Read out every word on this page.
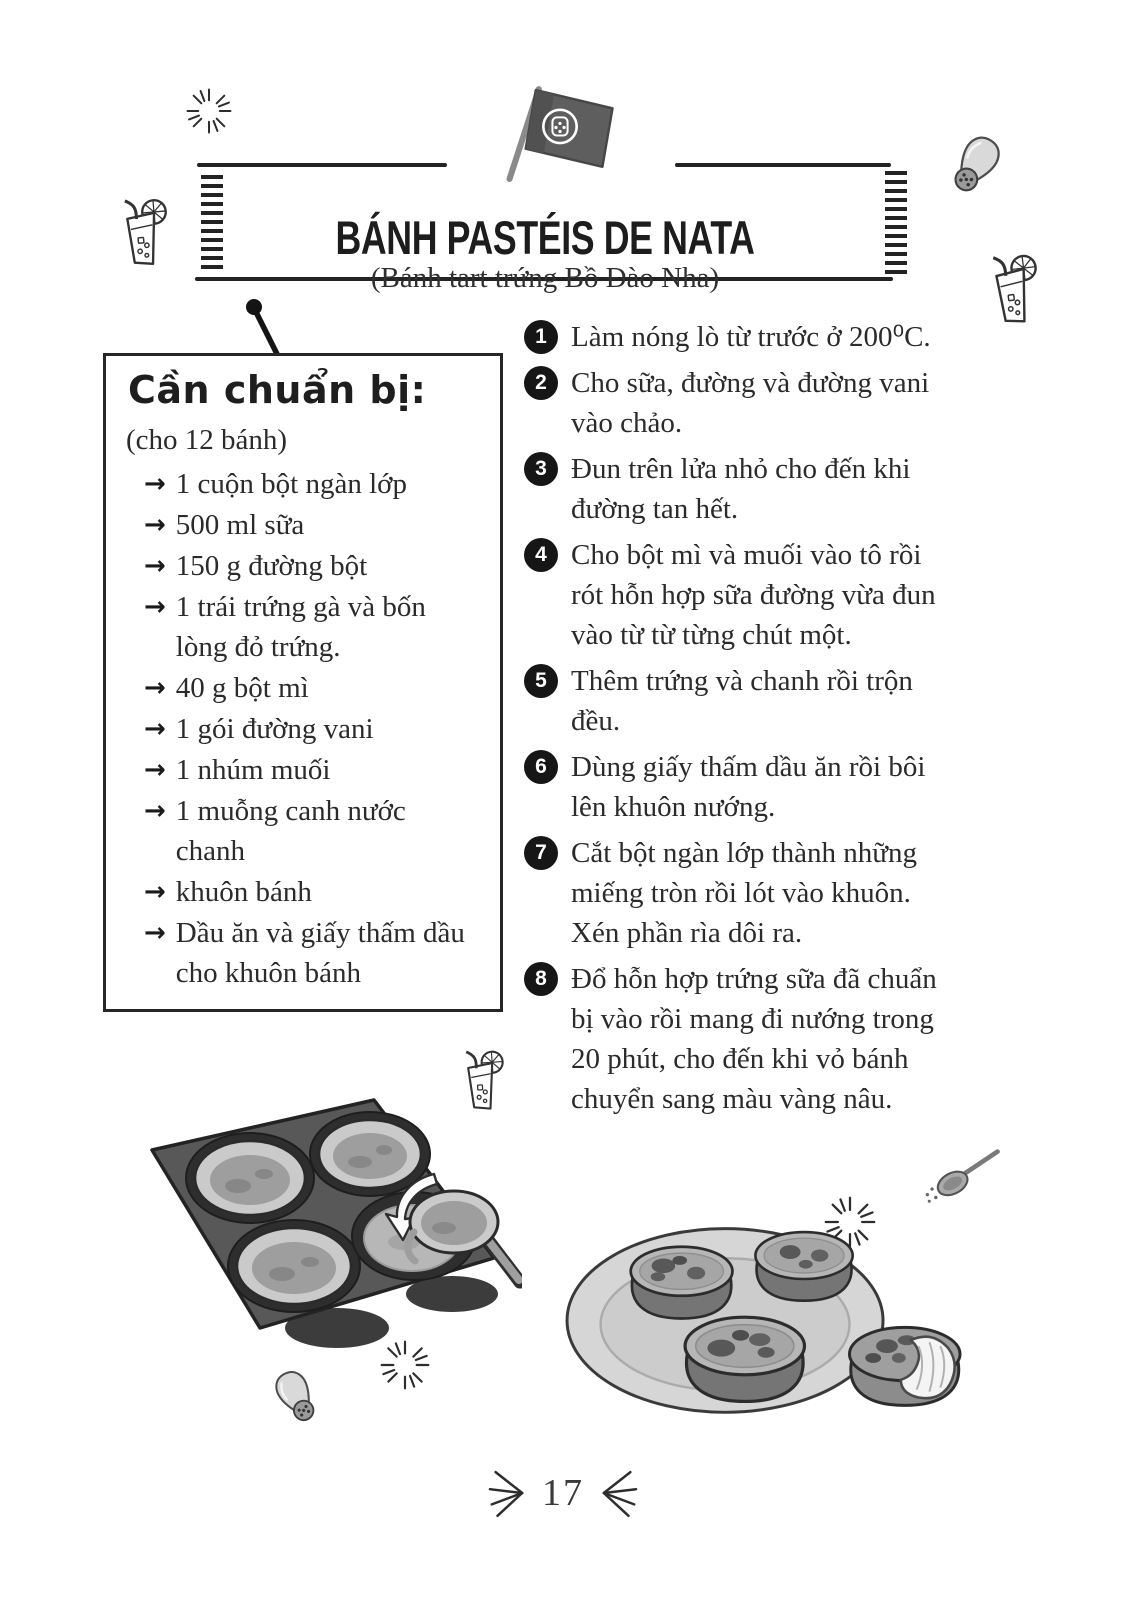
BÁNH PASTÉIS DE NATA

(Bánh tart trứng Bồ Đào Nha)

Cần chuẩn bị:

(cho 12 bánh)

→ 1 cuộn bột ngàn lớp
→ 500 ml sữa
→ 150 g đường bột
→ 1 trái trứng gà và bốn lòng đỏ trứng.
→ 40 g bột mì
→ 1 gói đường vani
→ 1 nhúm muối
→ 1 muỗng canh nước chanh
→ khuôn bánh
→ Dầu ăn và giấy thấm dầu cho khuôn bánh
1 Làm nóng lò từ trước ở 200⁰C.
2 Cho sữa, đường và đường vani vào chảo.
3 Đun trên lửa nhỏ cho đến khi đường tan hết.
4 Cho bột mì và muối vào tô rồi rót hỗn hợp sữa đường vừa đun vào từ từ từng chút một.
5 Thêm trứng và chanh rồi trộn đều.
6 Dùng giấy thấm dầu ăn rồi bôi lên khuôn nướng.
7 Cắt bột ngàn lớp thành những miếng tròn rồi lót vào khuôn. Xén phần rìa dôi ra.
8 Đổ hỗn hợp trứng sữa đã chuẩn bị vào rồi mang đi nướng trong 20 phút, cho đến khi vỏ bánh chuyển sang màu vàng nâu.
17
